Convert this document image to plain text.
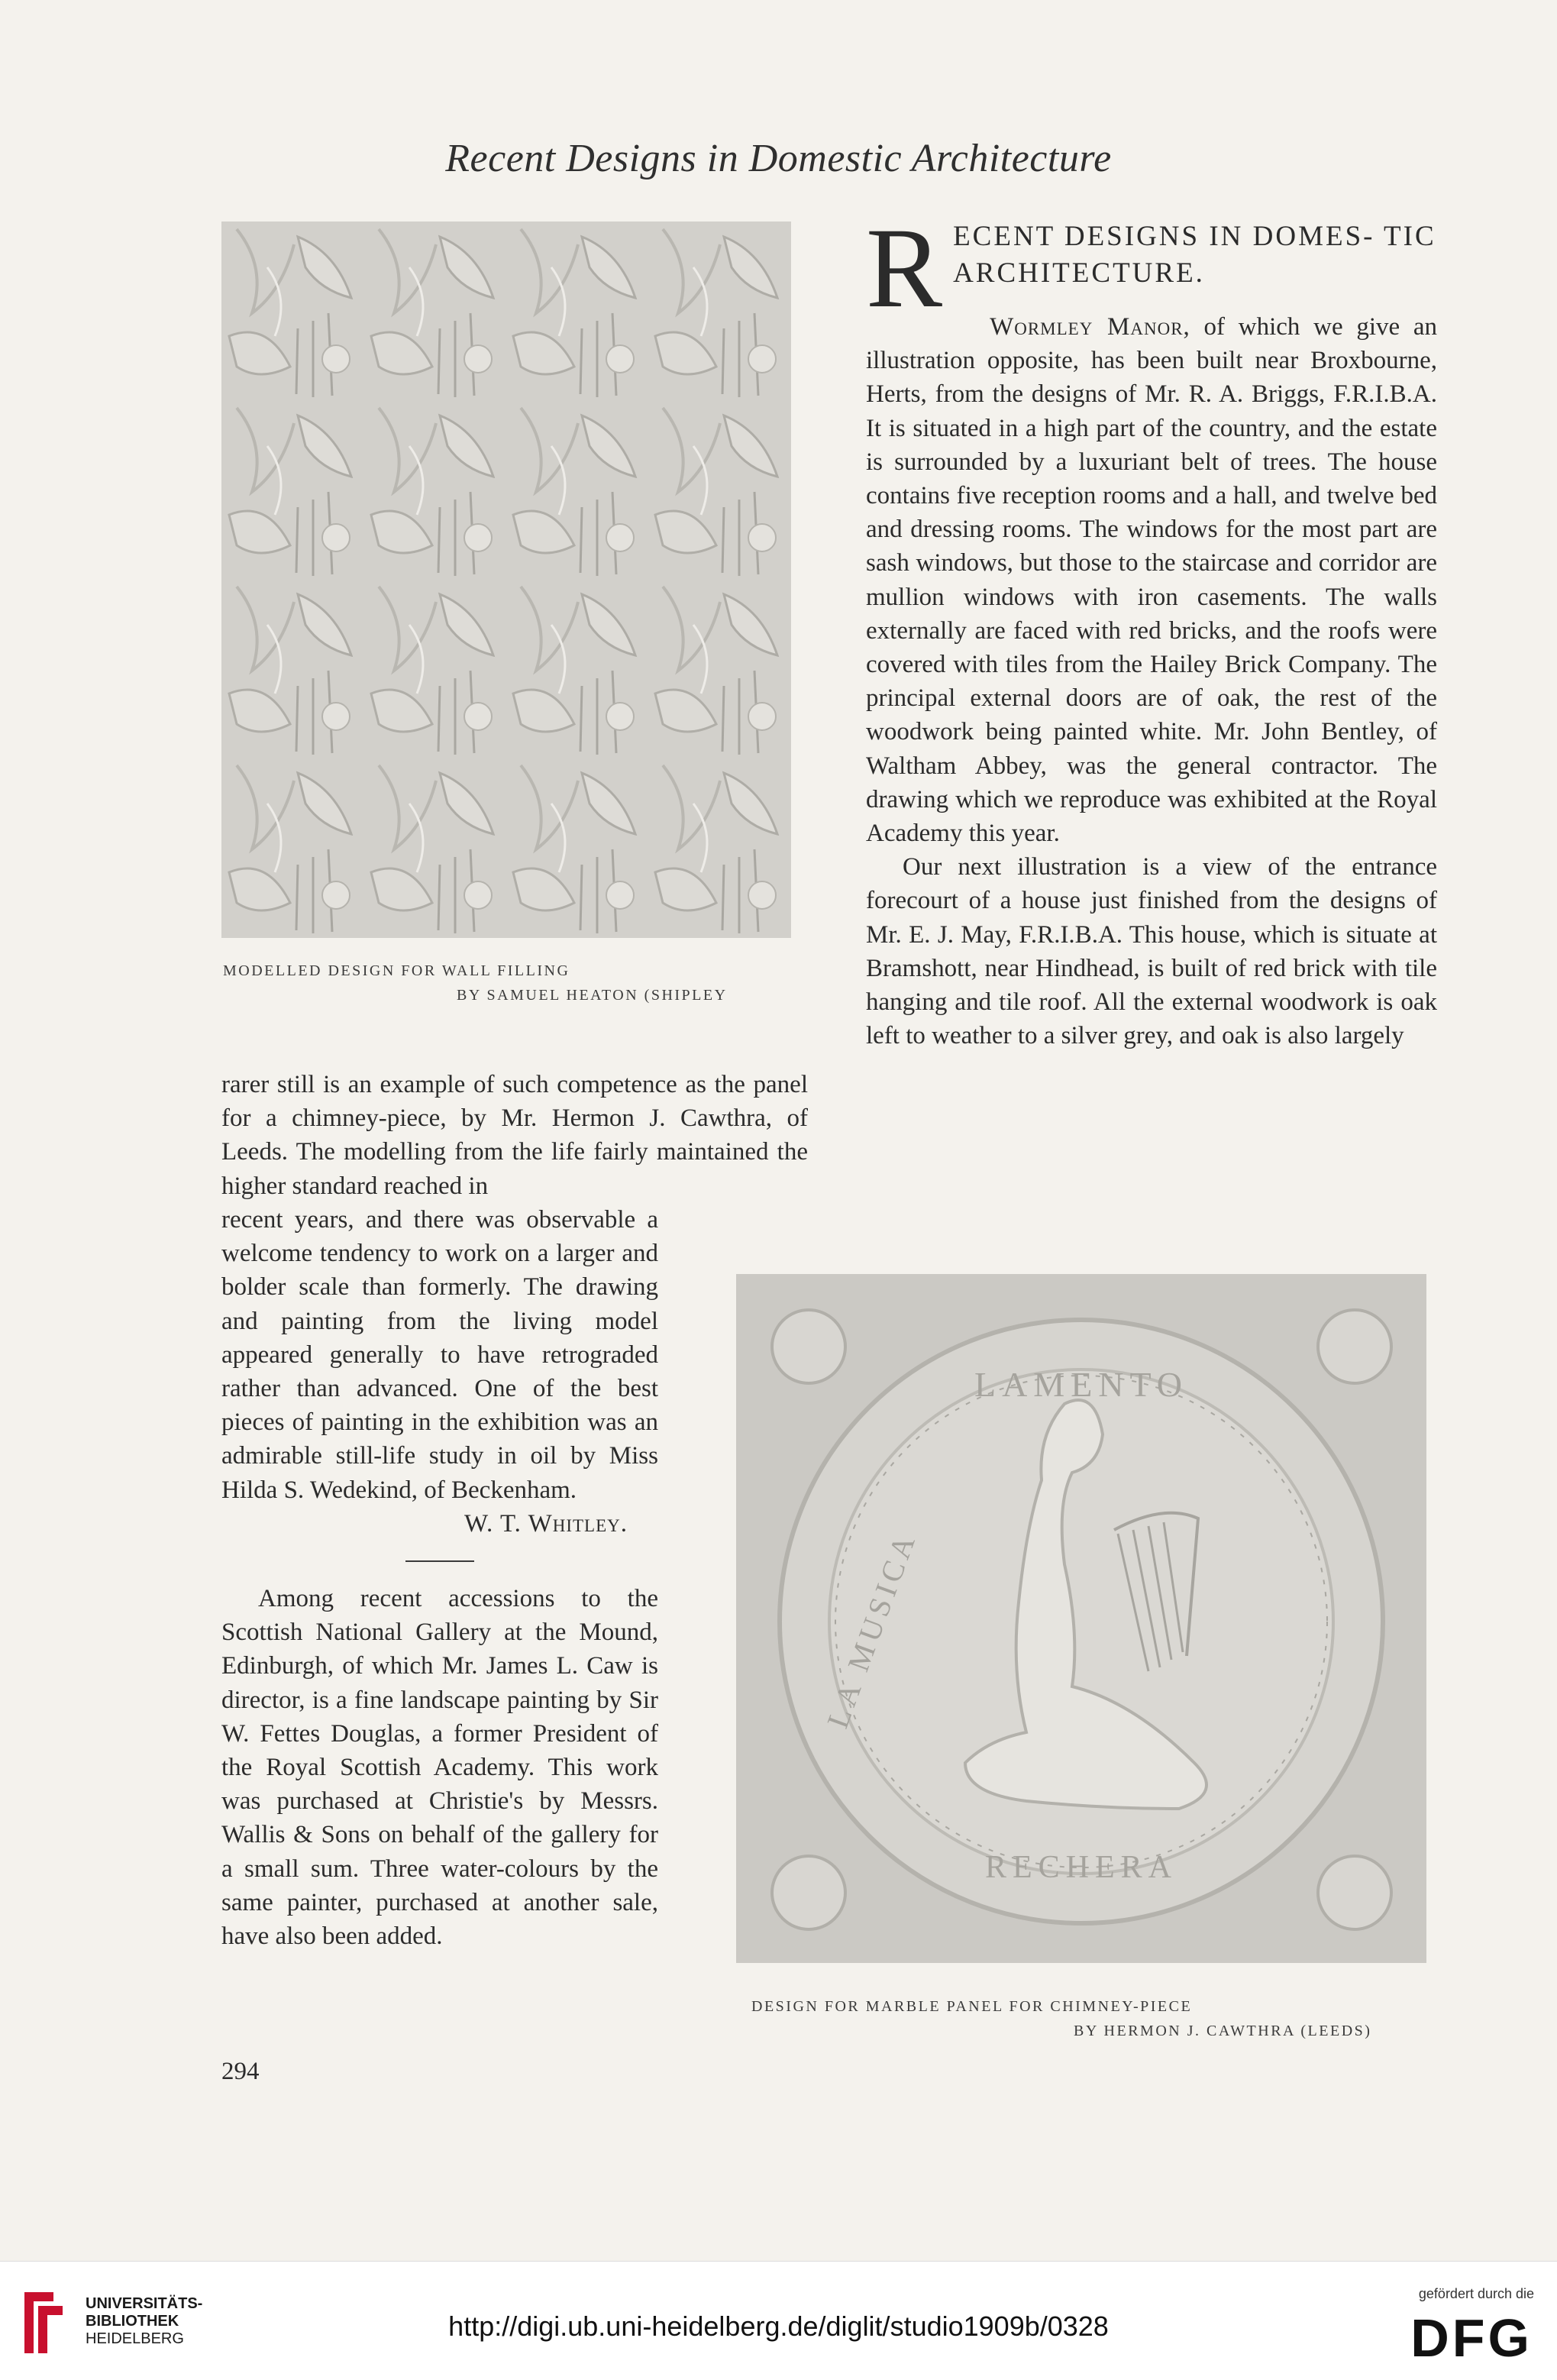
Recent Designs in Domestic Architecture
MODELLED DESIGN FOR WALL FILLING
BY SAMUEL HEATON (SHIPLEY
R ECENT DESIGNS IN DOMES- TIC ARCHITECTURE.

Wormley Manor, of which we give an illustration opposite, has been built near Broxbourne, Herts, from the designs of Mr. R. A. Briggs, F.R.I.B.A. It is situated in a high part of the country, and the estate is surrounded by a luxuriant belt of trees. The house contains five reception rooms and a hall, and twelve bed and dressing rooms. The windows for the most part are sash windows, but those to the staircase and corridor are mullion windows with iron casements. The walls externally are faced with red bricks, and the roofs were covered with tiles from the Hailey Brick Company. The principal external doors are of oak, the rest of the woodwork being painted white. Mr. John Bentley, of Waltham Abbey, was the general contractor. The drawing which we reproduce was exhibited at the Royal Academy this year.

Our next illustration is a view of the entrance forecourt of a house just finished from the designs of Mr. E. J. May, F.R.I.B.A. This house, which is situate at Bramshott, near Hindhead, is built of red brick with tile hanging and tile roof. All the external woodwork is oak left to weather to a silver grey, and oak is also largely

rarer still is an example of such competence as the panel for a chimney-piece, by Mr. Hermon J. Cawthra, of Leeds. The modelling from the life fairly maintained the higher standard reached in

recent years, and there was observable a welcome tendency to work on a larger and bolder scale than formerly. The drawing and painting from the living model appeared generally to have retrograded rather than advanced. One of the best pieces of painting in the exhibition was an admirable still-life study in oil by Miss Hilda S. Wedekind, of Beckenham.

W. T. Whitley.

Among recent accessions to the Scottish National Gallery at the Mound, Edinburgh, of which Mr. James L. Caw is director, is a fine landscape painting by Sir W. Fettes Douglas, a former President of the Royal Scottish Academy. This work was purchased at Christie's by Messrs. Wallis & Sons on behalf of the gallery for a small sum. Three water-colours by the same painter, purchased at another sale, have also been added.

LAMENTO
LA MUSICA
RECHERA
DESIGN FOR MARBLE PANEL FOR CHIMNEY-PIECE
BY HERMON J. CAWTHRA (LEEDS)
294
UNIVERSITÄTS-
BIBLIOTHEK
HEIDELBERG	http://digi.ub.uni-heidelberg.de/diglit/studio1909b/0328
gefördert durch die
DFG
